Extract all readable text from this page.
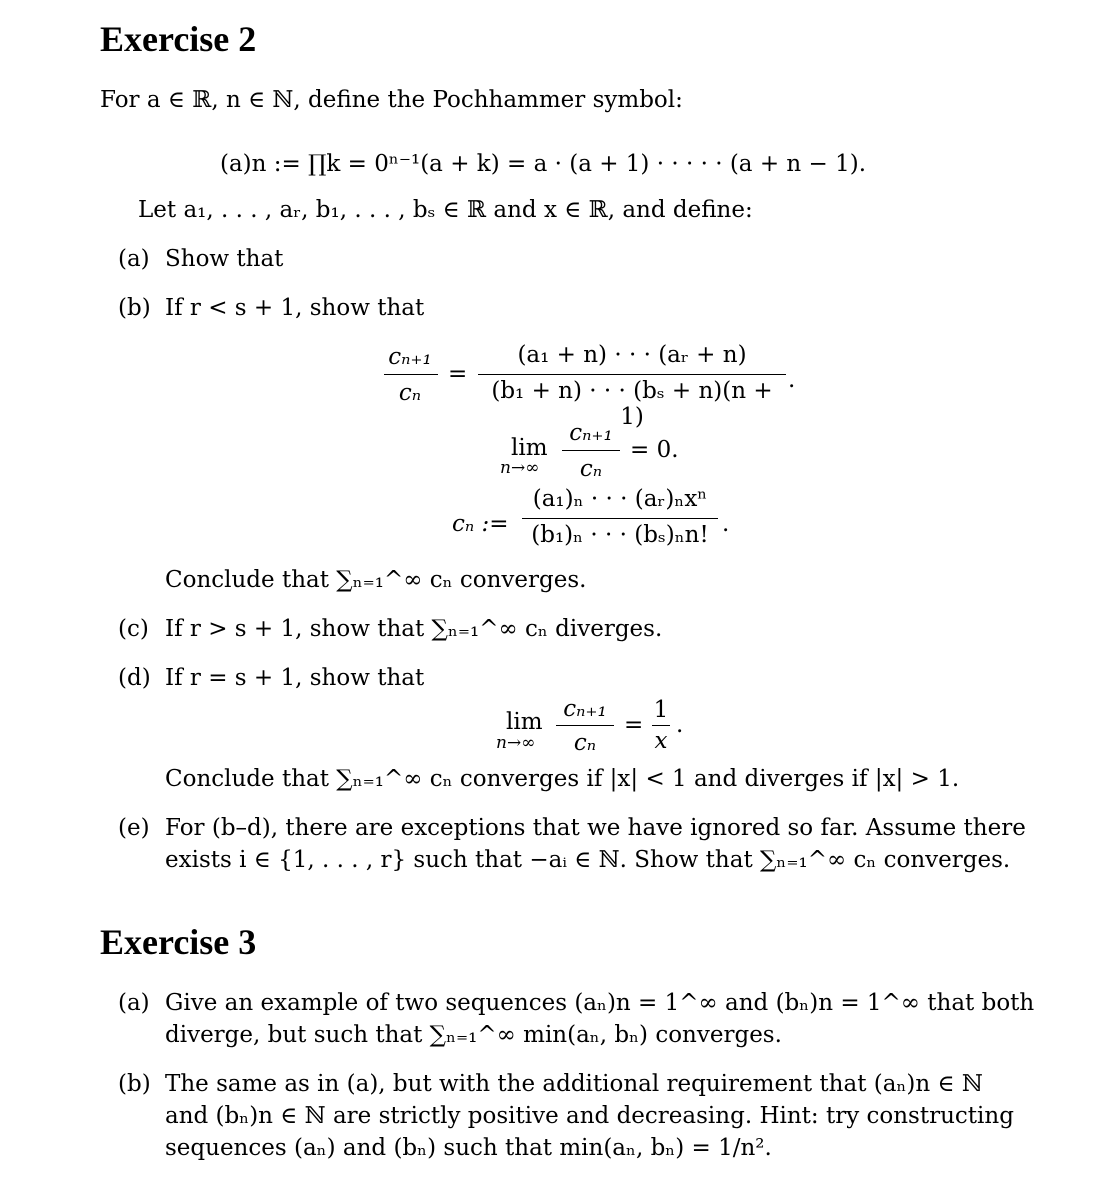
Exercise 2
For a ∈ ℝ, n ∈ ℕ, define the Pochhammer symbol:
(a)n := ∏k = 0ⁿ⁻¹(a + k) = a · (a + 1) · · · · · (a + n − 1).
Let a₁, . . . , aᵣ, b₁, . . . , bₛ ∈ ℝ and x ∈ ℝ, and define:
(a) Show that
(b) If r < s + 1, show that
cₙ₊₁
cₙ
=
(a₁ + n) · · · (aᵣ + n)
(b₁ + n) · · · (bₛ + n)(n + 1)
.
lim
n→∞
cₙ₊₁
cₙ
= 0.
cₙ :=
(a₁)ₙ · · · (aᵣ)ₙxⁿ
(b₁)ₙ · · · (bₛ)ₙn! .
Conclude that ∑ₙ₌₁^∞ cₙ converges.
(c) If r > s + 1, show that ∑ₙ₌₁^∞ cₙ diverges.
(d) If r = s + 1, show that
lim
n→∞
cₙ₊₁
cₙ
=
1
x
.
Conclude that ∑ₙ₌₁^∞ cₙ converges if |x| < 1 and diverges if |x| > 1.
(e) For (b–d), there are exceptions that we have ignored so far. Assume there
exists i ∈ {1, . . . , r} such that −aᵢ ∈ ℕ. Show that ∑ₙ₌₁^∞ cₙ converges.
Exercise 3
(a) Give an example of two sequences (aₙ)n = 1^∞ and (bₙ)n = 1^∞ that both
diverge, but such that ∑ₙ₌₁^∞ min(aₙ, bₙ) converges.
(b) The same as in (a), but with the additional requirement that (aₙ)n ∈ ℕ
and (bₙ)n ∈ ℕ are strictly positive and decreasing. Hint: try constructing
sequences (aₙ) and (bₙ) such that min(aₙ, bₙ) = 1/n².
